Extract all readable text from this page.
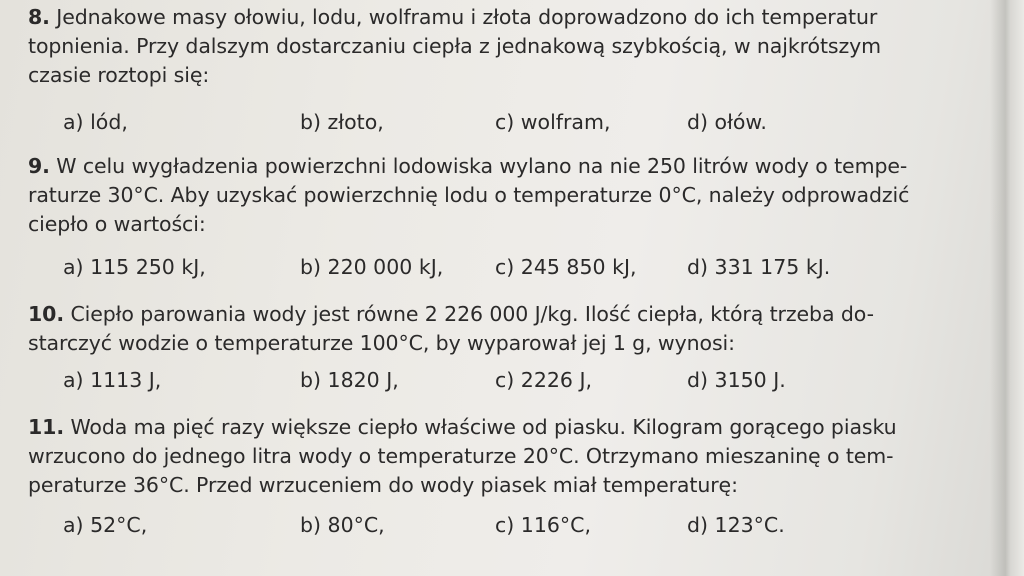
8. Jednakowe masy ołowiu, lodu, wolframu i złota doprowadzono do ich temperatur
topnienia. Przy dalszym dostarczaniu ciepła z jednakową szybkością, w najkrótszym
czasie roztopi się:
a) lód,	b) złoto,	c) wolfram,	d) ołów.
9. W celu wygładzenia powierzchni lodowiska wylano na nie 250 litrów wody o tempe-
raturze 30°C. Aby uzyskać powierzchnię lodu o temperaturze 0°C, należy odprowadzić
ciepło o wartości:
a) 115 250 kJ,	b) 220 000 kJ,	c) 245 850 kJ, d) 331 175 kJ.
10. Ciepło parowania wody jest równe 2 226 000 J/kg. Ilość ciepła, którą trzeba do-
starczyć wodzie o temperaturze 100°C, by wyparował jej 1 g, wynosi:
a) 1113 J,	b) 1820 J,	c) 2226 J,	d) 3150 J.
11. Woda ma pięć razy większe ciepło właściwe od piasku. Kilogram gorącego piasku
wrzucono do jednego litra wody o temperaturze 20°C. Otrzymano mieszaninę o tem-
peraturze 36°C. Przed wrzuceniem do wody piasek miał temperaturę:
a) 52°C,	b) 80°C,	c) 116°C,	d) 123°C.
